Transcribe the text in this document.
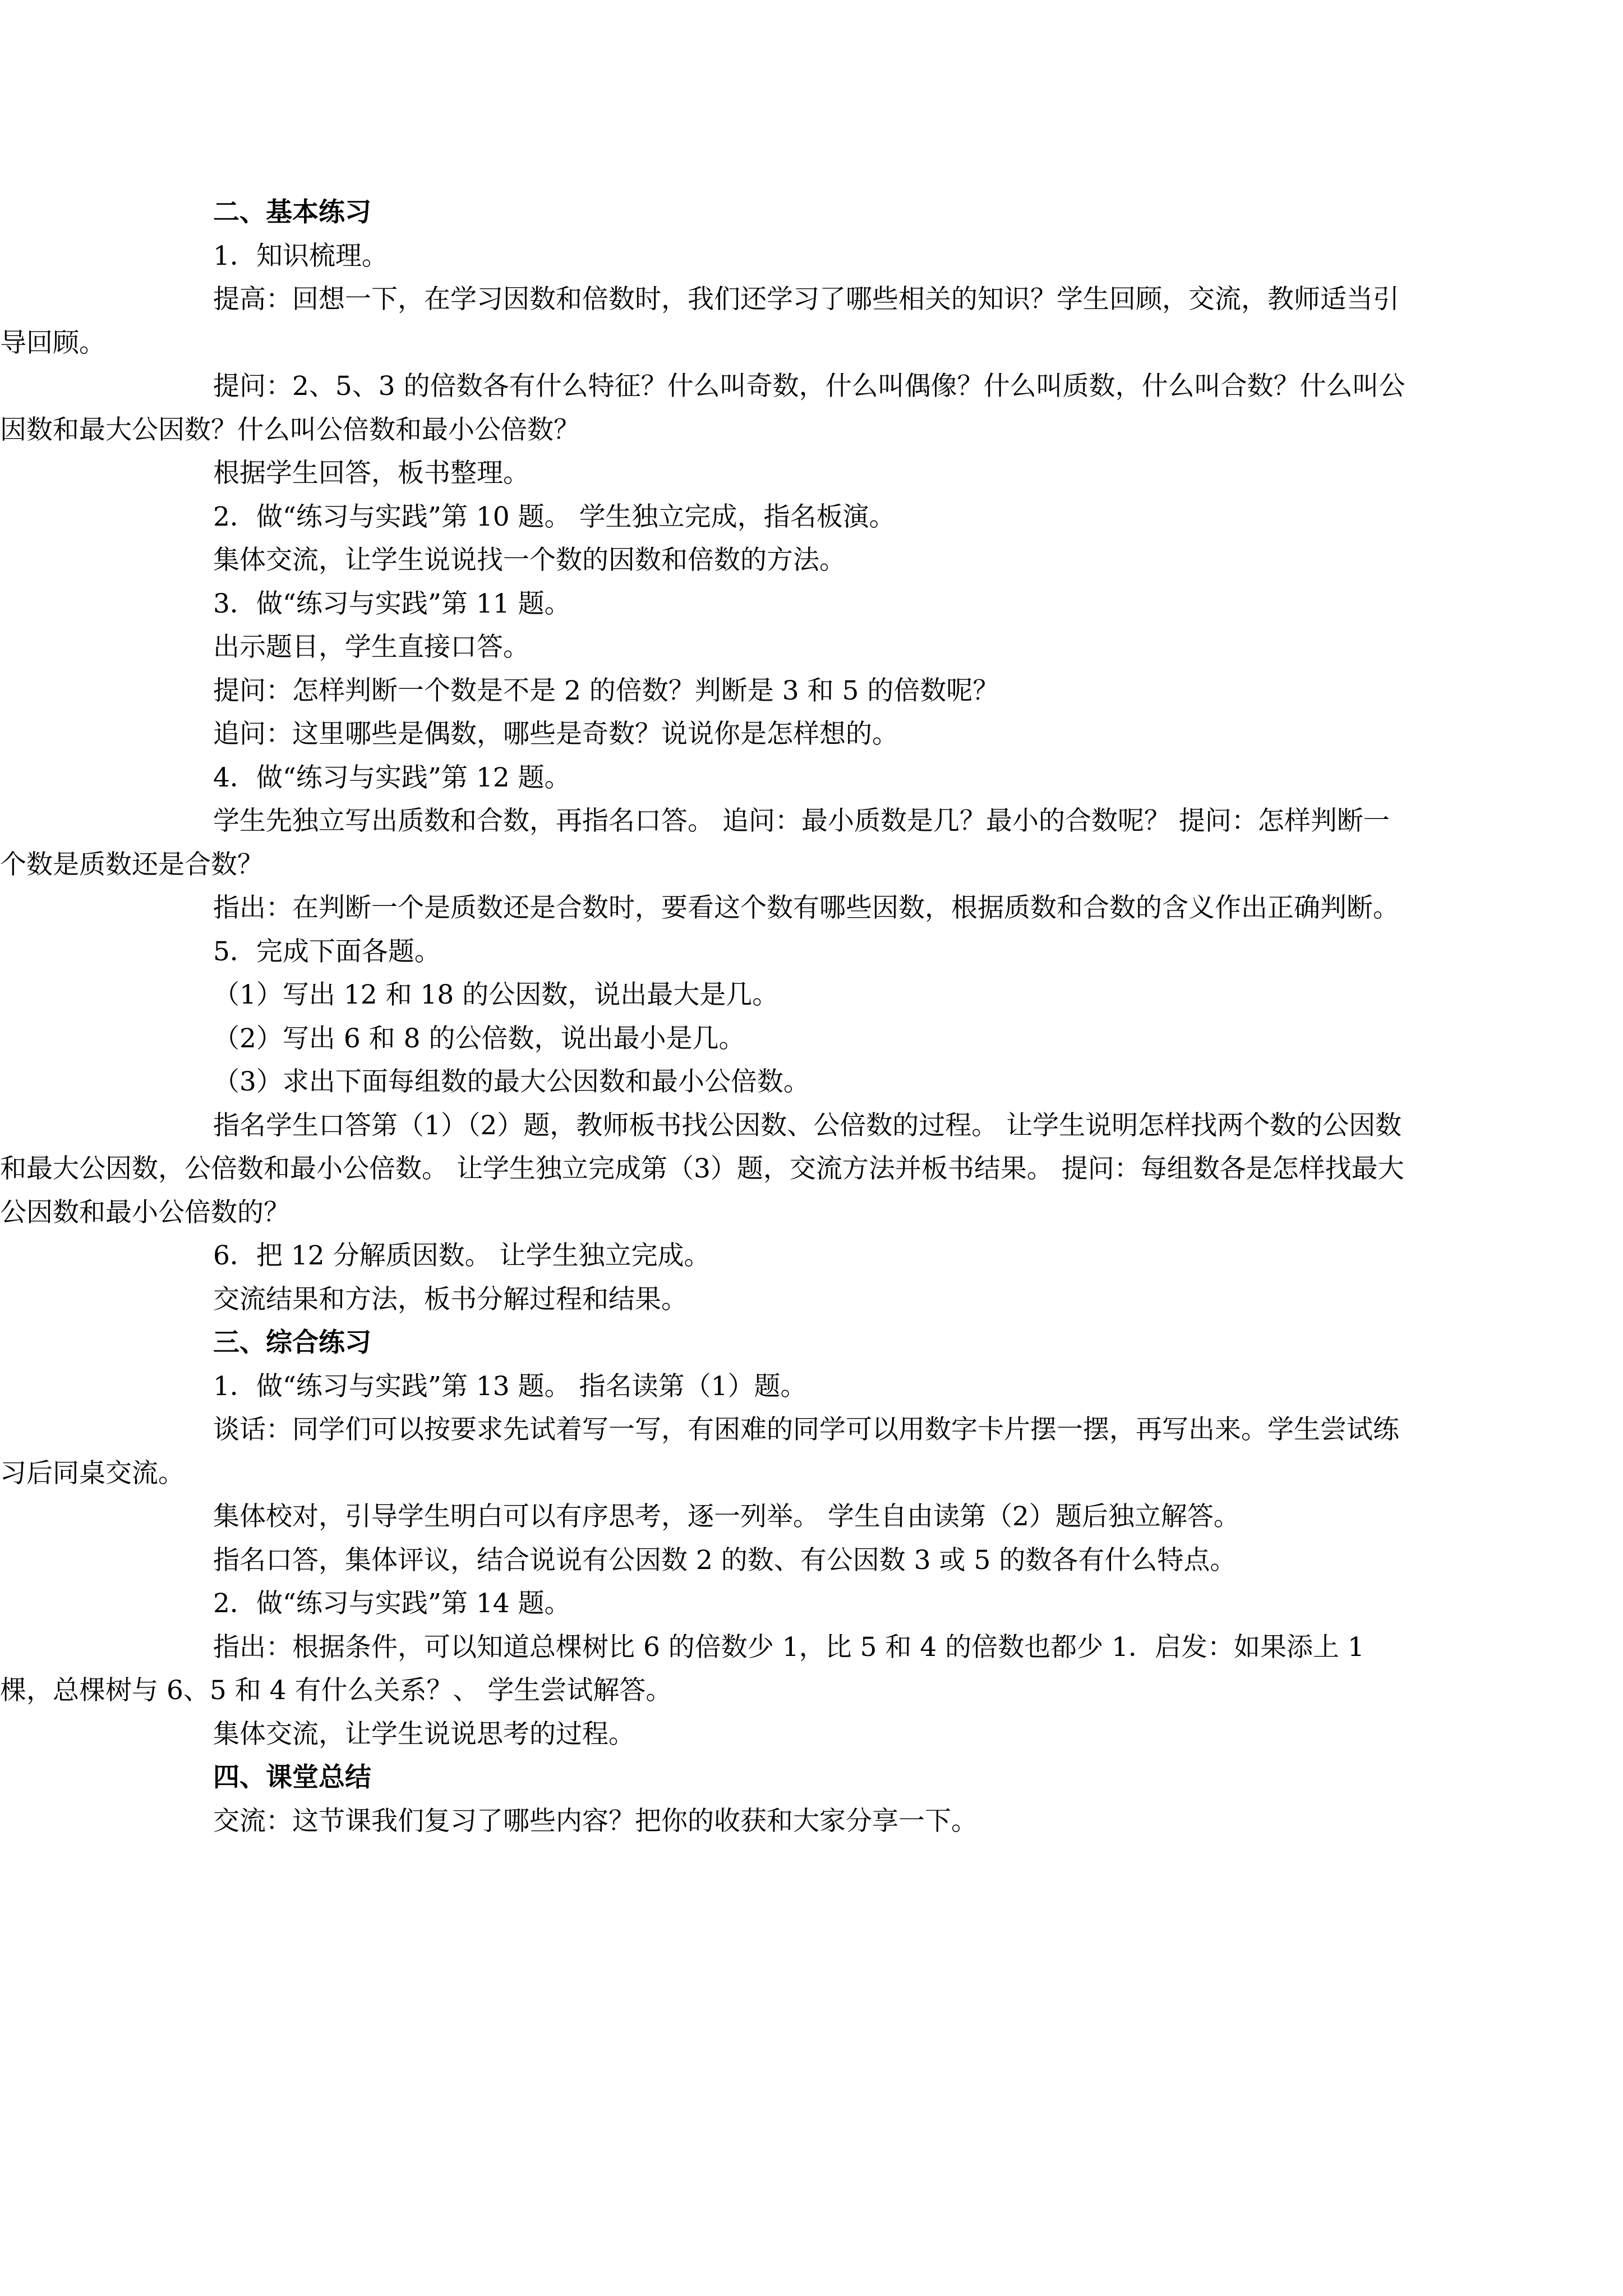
二、基本练习

1．知识梳理。

提高：回想一下，在学习因数和倍数时，我们还学习了哪些相关的知识？学生回顾，交流，教师适当引导回顾。

提问：2、5、3 的倍数各有什么特征？什么叫奇数，什么叫偶像？什么叫质数，什么叫合数？什么叫公因数和最大公因数？什么叫公倍数和最小公倍数？

根据学生回答，板书整理。

2．做“练习与实践”第 10 题。 学生独立完成，指名板演。

集体交流，让学生说说找一个数的因数和倍数的方法。

3．做“练习与实践”第 11 题。

出示题目，学生直接口答。

提问：怎样判断一个数是不是 2 的倍数？判断是 3 和 5 的倍数呢？

追问：这里哪些是偶数，哪些是奇数？说说你是怎样想的。

4．做“练习与实践”第 12 题。

学生先独立写出质数和合数，再指名口答。 追问：最小质数是几？最小的合数呢？ 提问：怎样判断一个数是质数还是合数？

指出：在判断一个是质数还是合数时，要看这个数有哪些因数，根据质数和合数的含义作出正确判断。

5．完成下面各题。

（1）写出 12 和 18 的公因数，说出最大是几。

（2）写出 6 和 8 的公倍数，说出最小是几。

（3）求出下面每组数的最大公因数和最小公倍数。

指名学生口答第（1）（2）题，教师板书找公因数、公倍数的过程。 让学生说明怎样找两个数的公因数和最大公因数，公倍数和最小公倍数。 让学生独立完成第（3）题，交流方法并板书结果。 提问：每组数各是怎样找最大公因数和最小公倍数的？

6．把 12 分解质因数。 让学生独立完成。

交流结果和方法，板书分解过程和结果。

三、综合练习

1．做“练习与实践”第 13 题。 指名读第（1）题。

谈话：同学们可以按要求先试着写一写，有困难的同学可以用数字卡片摆一摆，再写出来。学生尝试练习后同桌交流。

集体校对，引导学生明白可以有序思考，逐一列举。 学生自由读第（2）题后独立解答。

指名口答，集体评议，结合说说有公因数 2 的数、有公因数 3 或 5 的数各有什么特点。

2．做“练习与实践”第 14 题。

指出：根据条件，可以知道总棵树比 6 的倍数少 1，比 5 和 4 的倍数也都少 1．启发：如果添上 1 棵，总棵树与 6、5 和 4 有什么关系？、 学生尝试解答。

集体交流，让学生说说思考的过程。

四、课堂总结

交流：这节课我们复习了哪些内容？把你的收获和大家分享一下。
